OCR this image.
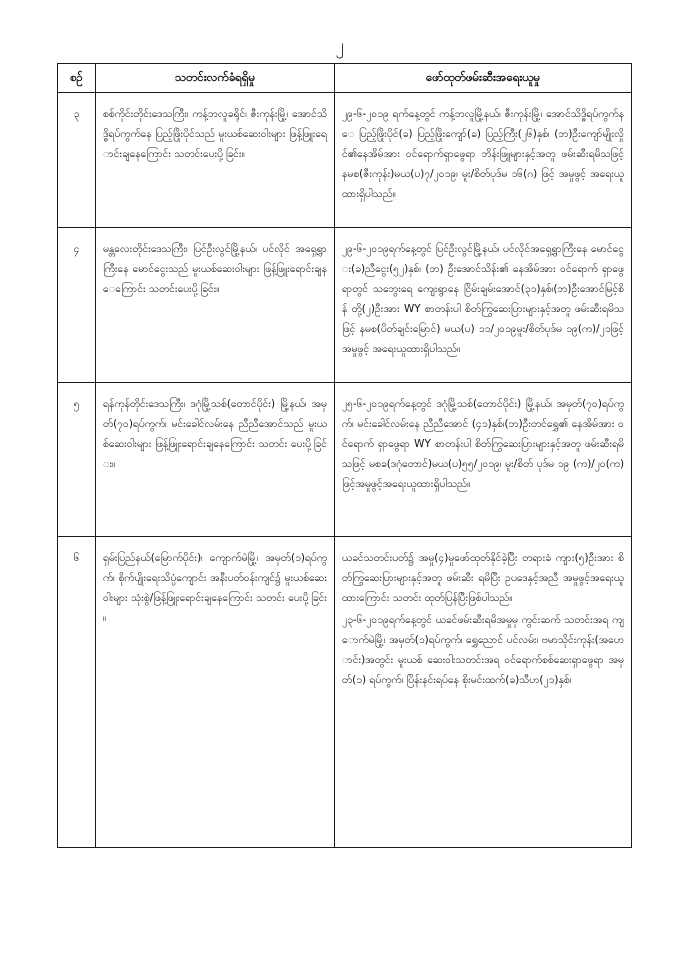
၂
စဉ်	သတင်းလက်ခံရရှိမှု	ဖော်ထုတ်ဖမ်းဆီးအရေးယူမှု
၃	စစ်ကိုင်းတိုင်းဒေသကြီး၊ ကန့်ဘလူခရိုင်၊ ဇီးကုန်းမြို့၊ အောင်သိဒ္ဓိရပ်ကွက်နေ ပြည့်ဖြိုးပိုင်သည် မူးယစ်ဆေးဝါးများ ဖြန့်ဖြူးရောင်းချနေကြောင်း သတင်းပေးပို့ခြင်း။	၂၉-၆-၂၀၁၉ ရက်နေ့တွင် ကန့်ဘလူမြို့နယ်၊ ဇီးကုန်းမြို့၊ အောင်သိဒ္ဓိရပ်ကွက်နေ ပြည့်ဖြိုးပိုင်(ခ) ပြည့်ဖြိုးကျော်(ခ) ပြည့်ကြီး(၂၆)နှစ်၊ (ဘ)ဦးကျော်မျိုးလှိုင်၏နေအိမ်အား ဝင်ရောက်ရှာဖွေရာ ဘိန်းဖြူများနှင့်အတူ ဖမ်းဆီးရမိသဖြင့် နမစ(ဇီးကုန်း)မယ(ပ)၇/၂၀၁၉၊ မူး/စိတ်ပုဒ်မ ၁၆(ဂ) ဖြင့် အမှုဖွင့် အရေးယူထားရှိပါသည်။

၄	မန္တလေးတိုင်းဒေသကြီး၊ ပြင်ဦးလွင်မြို့နယ်၊ ပင်လိုင် အရှေ့ရွာကြီးနေ မောင်ငွေးသည် မူးယစ်ဆေးဝါးများ ဖြန့်ဖြူးရောင်းချနေကြောင်း သတင်းပေးပို့ခြင်း။	၂၉-၆-၂၀၁၉ရက်နေ့တွင် ပြင်ဦးလွင်မြို့နယ်၊ ပင်လိုင်အရှေ့ရွာကြီးနေ မောင်ငွေး(ခ)ညီငွေး(၅၂)နှစ်၊ (ဘ) ဦးအောင်သိန်း၏ နေအိမ်အား ဝင်ရောက် ရှာဖွေရာတွင် သဘွေးရေ ကျေးရွာနေ ငြိမ်းချမ်းအောင်(၃၁)နှစ်၊(ဘ)ဦးအောင်မြင့်စိန် တို့(၂)ဦးအား WY စာတန်းပါ စိတ်ကြွဆေးပြားများနှင့်အတူ ဖမ်းဆီးရမိသဖြင့် နမစ(ပိတ်ချင်းမြောင်) မယ(ပ) ၁၁/၂၀၁၉မူး/စိတ်ပုဒ်မ ၁၉(က)/၂၁ဖြင့် အမှုဖွင့် အရေးယူထားရှိပါသည်။

၅	ရန်ကုန်တိုင်းဒေသကြီး၊ ဒဂုံမြို့သစ်(တောင်ပိုင်း) မြို့နယ်၊ အမှတ်(၇၀)ရပ်ကွက်၊ မင်းခေါင်လမ်းနေ ညီညီအောင်သည် မူးယစ်ဆေးဝါးများ ဖြန့်ဖြူးရောင်းချနေကြောင်း သတင်း ပေးပို့ခြင်း။	၂၅-၆-၂၀၁၉ရက်နေ့တွင် ဒဂုံမြို့သစ်(တောင်ပိုင်း) မြို့နယ်၊ အမှတ်(၇၀)ရပ်ကွက်၊ မင်းခေါင်လမ်းနေ ညီညီအောင် (၄၁)နှစ်၊(ဘ)ဦးတင်ရွှေ၏ နေအိမ်အား ဝင်ရောက် ရှာဖွေရာ WY စာတန်းပါ စိတ်ကြွဆေးပြားများနှင့်အတူ ဖမ်းဆီးရမိသဖြင့် မစခ(ဒဂုံတောင်)မယ(ပ)၅၅/၂၀၁၉၊ မူး/စိတ် ပုဒ်မ ၁၉ (က)/၂၀(က)ဖြင့်အမှုဖွင့်အရေးယူထားရှိပါသည်။

၆	ရှမ်းပြည်နယ်(မြောက်ပိုင်း)၊ ကျောက်မဲမြို့၊ အမှတ်(၁)ရပ်ကွက်၊ စိုက်ပျိုးရေးသိပ္ပံကျောင်း အနီးပတ်ဝန်းကျင်၌ မူးယစ်ဆေးဝါးများ သုံးစွဲ/ဖြန့်ဖြူးရောင်းချနေကြောင်း သတင်း ပေးပို့ခြင်း။	ယခင်သတင်းပတ်၌ အမှု(၄)မှုဖော်ထုတ်နိုင်ခဲ့ပြီး တရားခံ ကျား(၅)ဦးအား စိတ်ကြွဆေးပြားများနှင့်အတူ ဖမ်းဆီး ရမိပြီး ဥပဒေနှင့်အညီ အမှုဖွင့်အရေးယူထားကြောင်း သတင်း ထုတ်ပြန်ပြီးဖြစ်ပါသည်။

၂၃-၆-၂၀၁၉ရက်နေ့တွင် ယခင်ဖမ်းဆီးရမိအမှုမှ ကွင်းဆက် သတင်းအရ ကျောက်မဲမြို့၊ အမှတ်(၁)ရပ်ကွက်၊ ရွှေညောင် ပင်လမ်း၊ ဗမာသိုင်းကုန်း(အဟောင်း)အတွင်း မူးယစ် ဆေးဝါးသတင်းအရ ဝင်ရောက်စစ်ဆေးရှာဖွေရာ အမှတ်(၁) ရပ်ကွက်၊ ပြိန်းနင်းရပ်နေ စိုးမင်းထက်(ခ)သီဟ(၂၁)နှစ်၊
